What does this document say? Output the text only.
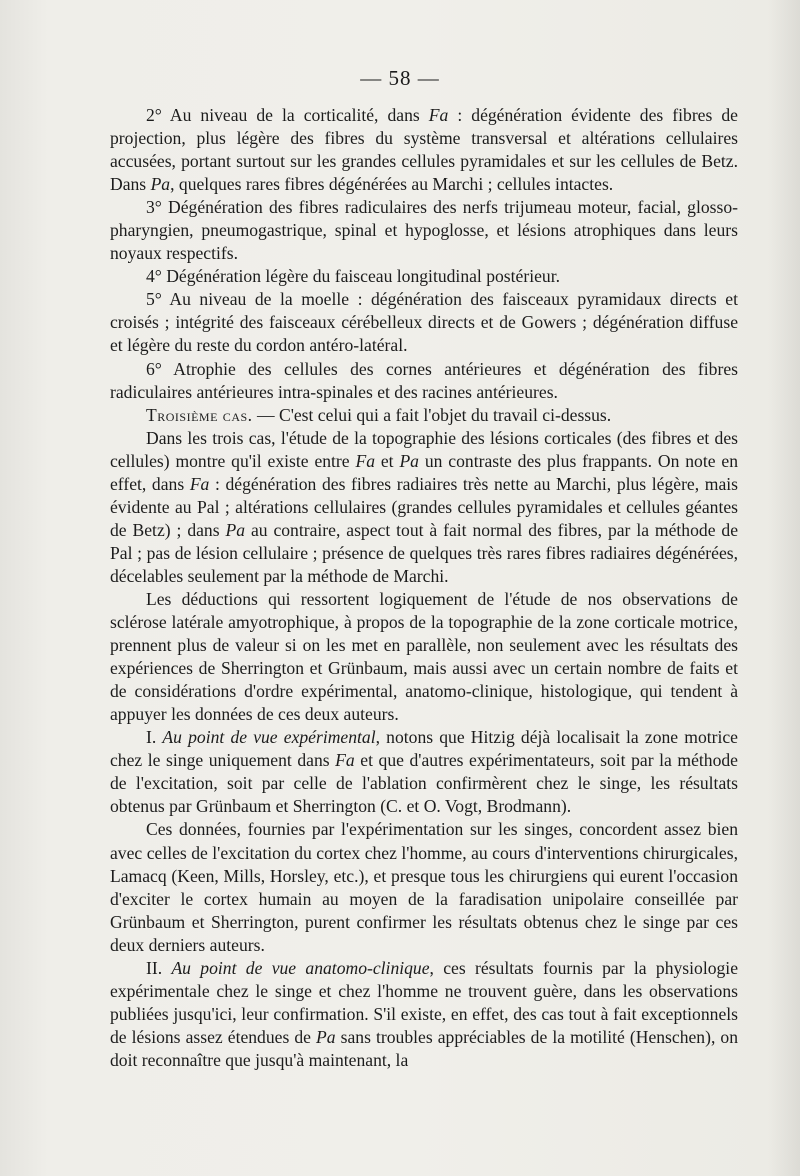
— 58 —

2° Au niveau de la corticalité, dans Fa : dégénération évidente des fibres de projection, plus légère des fibres du système transversal et altérations cellulaires accusées, portant surtout sur les grandes cellules pyramidales et sur les cellules de Betz. Dans Pa, quelques rares fibres dégénérées au Marchi ; cellules intactes.

3° Dégénération des fibres radiculaires des nerfs trijumeau moteur, facial, glosso-pharyngien, pneumogastrique, spinal et hypoglosse, et lésions atrophiques dans leurs noyaux respectifs.

4° Dégénération légère du faisceau longitudinal postérieur.

5° Au niveau de la moelle : dégénération des faisceaux pyramidaux directs et croisés ; intégrité des faisceaux cérébelleux directs et de Gowers ; dégénération diffuse et légère du reste du cordon antéro-latéral.

6° Atrophie des cellules des cornes antérieures et dégénération des fibres radiculaires antérieures intra-spinales et des racines antérieures.

Troisième cas. — C'est celui qui a fait l'objet du travail ci-dessus.

Dans les trois cas, l'étude de la topographie des lésions corticales (des fibres et des cellules) montre qu'il existe entre Fa et Pa un contraste des plus frappants. On note en effet, dans Fa : dégénération des fibres radiaires très nette au Marchi, plus légère, mais évidente au Pal ; altérations cellulaires (grandes cellules pyramidales et cellules géantes de Betz) ; dans Pa au contraire, aspect tout à fait normal des fibres, par la méthode de Pal ; pas de lésion cellulaire ; présence de quelques très rares fibres radiaires dégénérées, décelables seulement par la méthode de Marchi.

Les déductions qui ressortent logiquement de l'étude de nos observations de sclérose latérale amyotrophique, à propos de la topographie de la zone corticale motrice, prennent plus de valeur si on les met en parallèle, non seulement avec les résultats des expériences de Sherrington et Grünbaum, mais aussi avec un certain nombre de faits et de considérations d'ordre expérimental, anatomo-clinique, histologique, qui tendent à appuyer les données de ces deux auteurs.

I. Au point de vue expérimental, notons que Hitzig déjà localisait la zone motrice chez le singe uniquement dans Fa et que d'autres expérimentateurs, soit par la méthode de l'excitation, soit par celle de l'ablation confirmèrent chez le singe, les résultats obtenus par Grünbaum et Sherrington (C. et O. Vogt, Brodmann).

Ces données, fournies par l'expérimentation sur les singes, concordent assez bien avec celles de l'excitation du cortex chez l'homme, au cours d'interventions chirurgicales, Lamacq (Keen, Mills, Horsley, etc.), et presque tous les chirurgiens qui eurent l'occasion d'exciter le cortex humain au moyen de la faradisation unipolaire conseillée par Grünbaum et Sherrington, purent confirmer les résultats obtenus chez le singe par ces deux derniers auteurs.

II. Au point de vue anatomo-clinique, ces résultats fournis par la physiologie expérimentale chez le singe et chez l'homme ne trouvent guère, dans les observations publiées jusqu'ici, leur confirmation. S'il existe, en effet, des cas tout à fait exceptionnels de lésions assez étendues de Pa sans troubles appréciables de la motilité (Henschen), on doit reconnaître que jusqu'à maintenant, la
